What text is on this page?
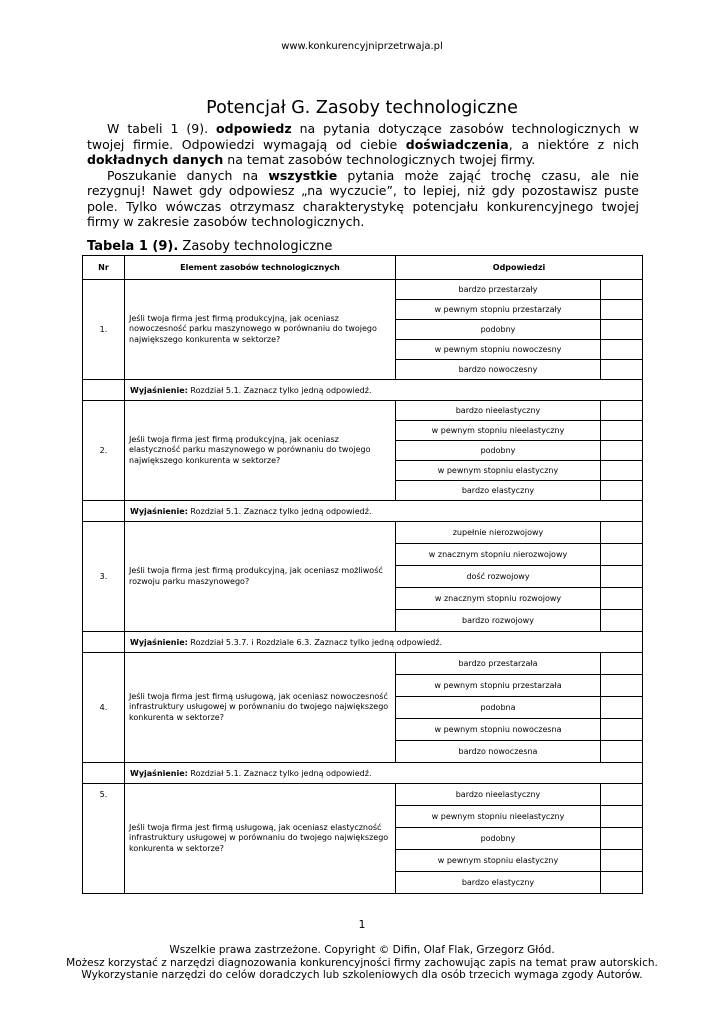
www.konkurencyjniprzetrwaja.pl
Potencjał G. Zasoby technologiczne

W tabeli 1 (9). odpowiedz na pytania dotyczące zasobów technologicznych w twojej firmie. Odpowiedzi wymagają od ciebie doświadczenia, a niektóre z nich dokładnych danych na temat zasobów technologicznych twojej firmy.

Poszukanie danych na wszystkie pytania może zająć trochę czasu, ale nie rezygnuj! Nawet gdy odpowiesz „na wyczucie”, to lepiej, niż gdy pozostawisz puste pole. Tylko wówczas otrzymasz charakterystykę potencjału konkurencyjnego twojej firmy w zakresie zasobów technologicznych.

Tabela 1 (9). Zasoby technologiczne
Nr	Element zasobów technologicznych	Odpowiedzi	
1.	Jeśli twoja firma jest firmą produkcyjną, jak oceniasz nowoczesność parku maszynowego w porównaniu do twojego największego konkurenta w sektorze?	bardzo przestarzały	
		w pewnym stopniu przestarzały	
		podobny	
		w pewnym stopniu nowoczesny	
		bardzo nowoczesny	
	Wyjaśnienie: Rozdział 5.1. Zaznacz tylko jedną odpowiedź.		
2.	Jeśli twoja firma jest firmą produkcyjną, jak oceniasz elastyczność parku maszynowego w porównaniu do twojego największego konkurenta w sektorze?	bardzo nieelastyczny	
		w pewnym stopniu nieelastyczny	
		podobny	
		w pewnym stopniu elastyczny	
		bardzo elastyczny	
	Wyjaśnienie: Rozdział 5.1. Zaznacz tylko jedną odpowiedź.		
3.	Jeśli twoja firma jest firmą produkcyjną, jak oceniasz możliwość rozwoju parku maszynowego?	zupełnie nierozwojowy	
		w znacznym stopniu nierozwojowy	
		dość rozwojowy	
		w znacznym stopniu rozwojowy	
		bardzo rozwojowy	
	Wyjaśnienie: Rozdział 5.3.7. i Rozdziale 6.3. Zaznacz tylko jedną odpowiedź.		
4.	Jeśli twoja firma jest firmą usługową, jak oceniasz nowoczesność infrastruktury usługowej w porównaniu do twojego największego konkurenta w sektorze?	bardzo przestarzała	
		w pewnym stopniu przestarzała	
		podobna	
		w pewnym stopniu nowoczesna	
		bardzo nowoczesna	
	Wyjaśnienie: Rozdział 5.1. Zaznacz tylko jedną odpowiedź.		
5.	Jeśli twoja firma jest firmą usługową, jak oceniasz elastyczność infrastruktury usługowej w porównaniu do twojego największego konkurenta w sektorze?	bardzo nieelastyczny	
		w pewnym stopniu nieelastyczny	
		podobny	
		w pewnym stopniu elastyczny	
		bardzo elastyczny	
1
Wszelkie prawa zastrzeżone. Copyright © Difin, Olaf Flak, Grzegorz Głód.
Możesz korzystać z narzędzi diagnozowania konkurencyjności firmy zachowując zapis na temat praw autorskich.
Wykorzystanie narzędzi do celów doradczych lub szkoleniowych dla osób trzecich wymaga zgody Autorów.
